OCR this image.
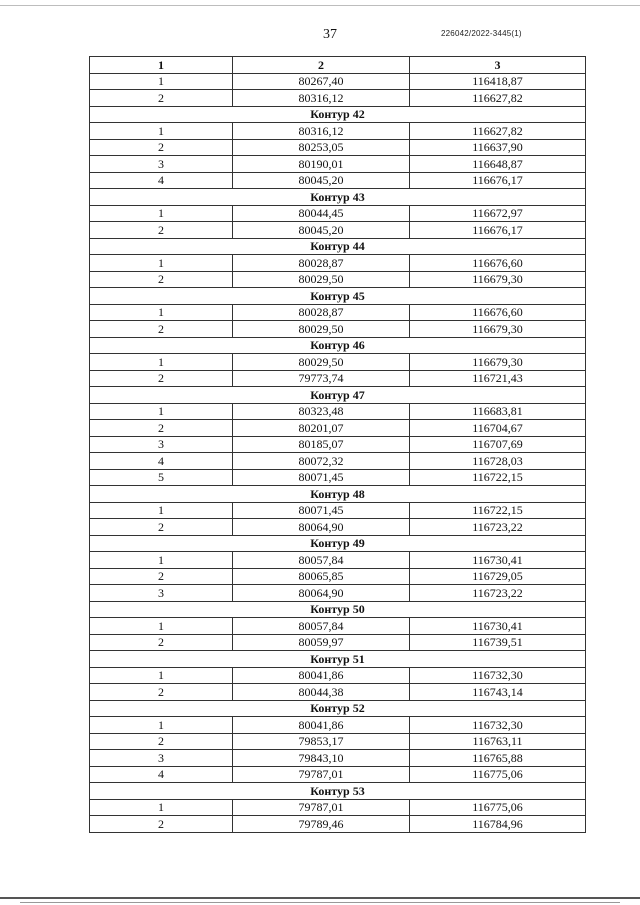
37	226042/2022-3445(1)
1	2	3
1	80267,40	116418,87
2	80316,12	116627,82
Контур 42		
1	80316,12	116627,82
2	80253,05	116637,90
3	80190,01	116648,87
4	80045,20	116676,17
Контур 43		
1	80044,45	116672,97
2	80045,20	116676,17
Контур 44		
1	80028,87	116676,60
2	80029,50	116679,30
Контур 45		
1	80028,87	116676,60
2	80029,50	116679,30
Контур 46		
1	80029,50	116679,30
2	79773,74	116721,43
Контур 47		
1	80323,48	116683,81
2	80201,07	116704,67
3	80185,07	116707,69
4	80072,32	116728,03
5	80071,45	116722,15
Контур 48		
1	80071,45	116722,15
2	80064,90	116723,22
Контур 49		
1	80057,84	116730,41
2	80065,85	116729,05
3	80064,90	116723,22
Контур 50		
1	80057,84	116730,41
2	80059,97	116739,51
Контур 51		
1	80041,86	116732,30
2	80044,38	116743,14
Контур 52		
1	80041,86	116732,30
2	79853,17	116763,11
3	79843,10	116765,88
4	79787,01	116775,06
Контур 53		
1	79787,01	116775,06
2	79789,46	116784,96
